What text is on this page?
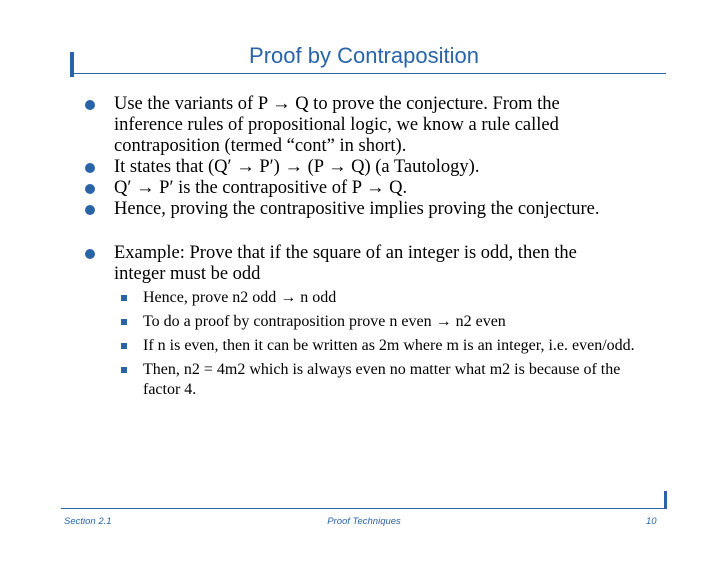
Proof by Contraposition
Use the variants of P → Q to prove the conjecture. From the inference rules of propositional logic, we know a rule called contraposition (termed “cont” in short).
It states that (Q′ → P′) → (P → Q) (a Tautology).
Q′ → P′ is the contrapositive of P → Q.
Hence, proving the contrapositive implies proving the conjecture.
Example: Prove that if the square of an integer is odd, then the integer must be odd
Hence, prove n2 odd → n odd
To do a proof by contraposition prove n even → n2 even
If n is even, then it can be written as 2m where m is an integer, i.e. even/odd.
Then, n2 = 4m2 which is always even no matter what m2 is because of the factor 4.
Section 2.1	Proof Techniques	10
